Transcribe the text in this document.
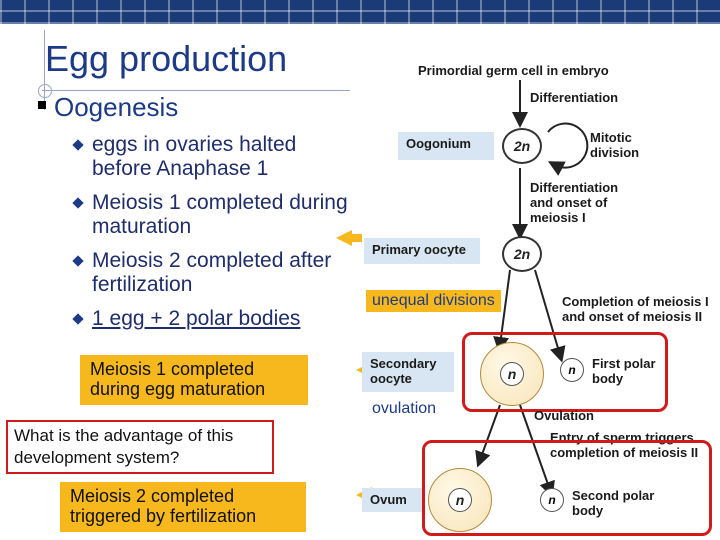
Egg production
Oogenesis
eggs in ovaries halted before Anaphase 1
Meiosis 1 completed during maturation
Meiosis 2 completed after fertilization
1 egg + 2 polar bodies
Meiosis 1 completed during egg maturation
What is the advantage of this development system?
Meiosis 2 completed triggered by fertilization
Primordial germ cell in embryo
Differentiation
Oogonium	2n
Mitotic division
Differentiation and onset of meiosis I
Primary oocyte	2n
unequal divisions	Completion of meiosis I and onset of meiosis II
Secondary oocyte	n	n	First polar body
ovulation	Ovulation
Entry of sperm triggers completion of meiosis II
Ovum	n	n	Second polar body
